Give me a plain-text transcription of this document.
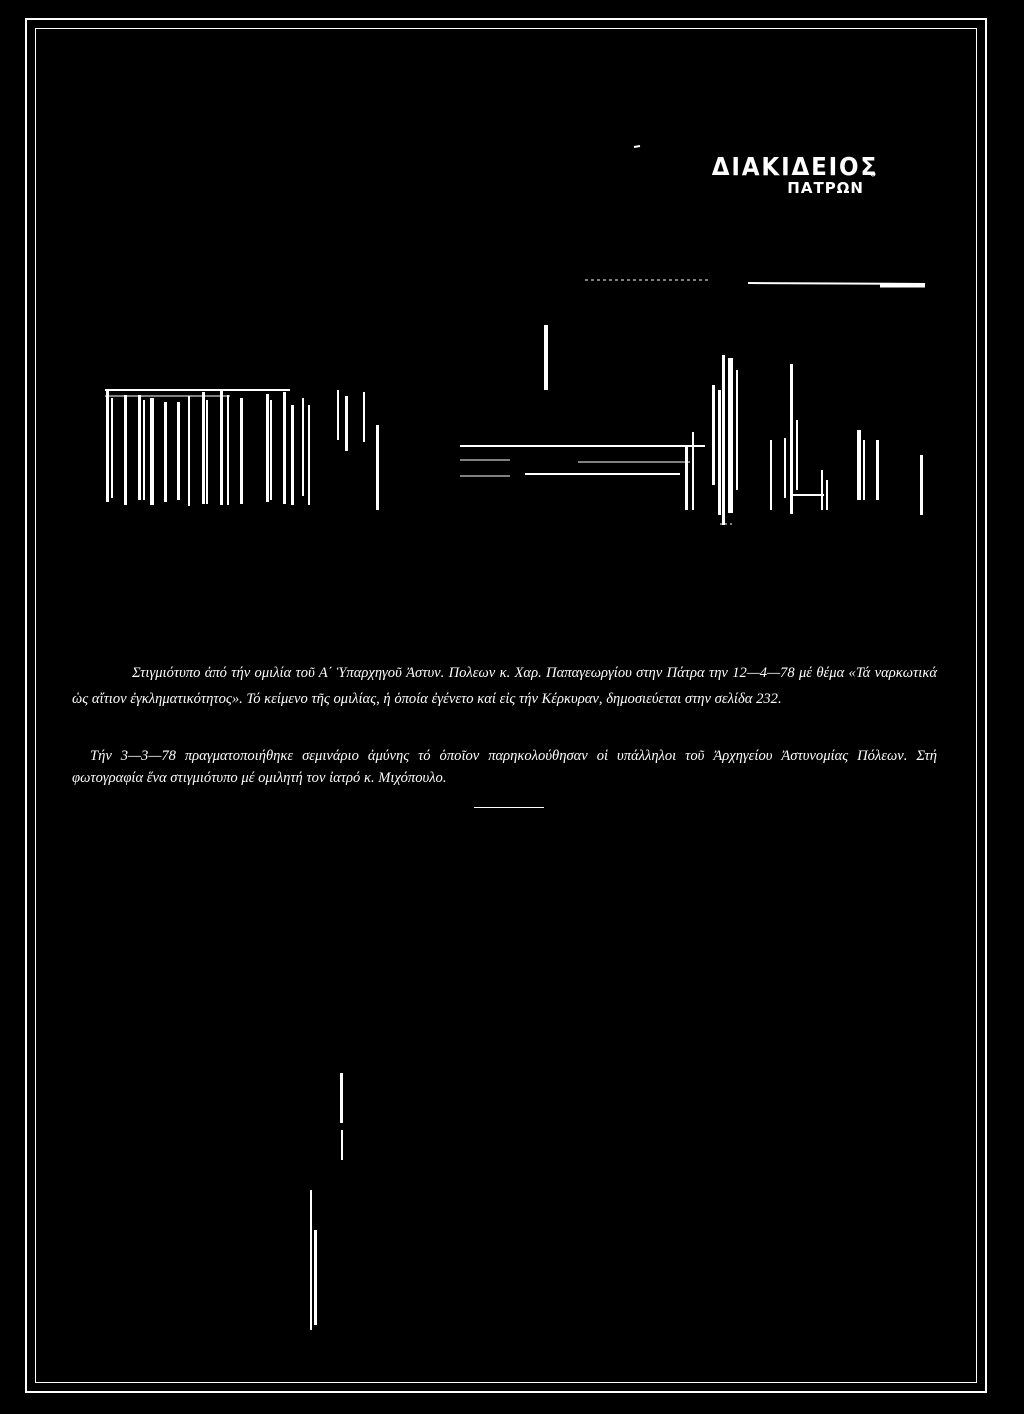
ΔΙΑΚΙΔΕΙΟΣ
ΠΑΤΡΩΝ

Στιγμιότυπο ἀπό τήν ομιλία τοῦ Α΄ Ὑπαρχηγοῦ Ἀστυν. Πολεων κ. Χαρ. Παπαγεωργίου στην Πάτρα την 12—4—78 μέ θέμα «Τά ναρκωτικά ὡς αἴτιον ἐγκληματικότητος». Τό κείμενο τῆς ομιλίας, ἡ ὁποία ἐγένετο καί εἰς τήν Κέρκυραν, δημοσιεύεται στην σελίδα 232.

Τήν 3—3—78 πραγματοποιήθηκε σεμινάριο ἀμύνης τό ὁποῖον παρηκολούθησαν οἱ υπάλληλοι τοῦ Ἀρχηγείου Ἀστυνομίας Πόλεων. Στή φωτογραφία ἕνα στιγμιότυπο μέ ομιλητή τον ἰατρό κ. Μιχόπουλο.
